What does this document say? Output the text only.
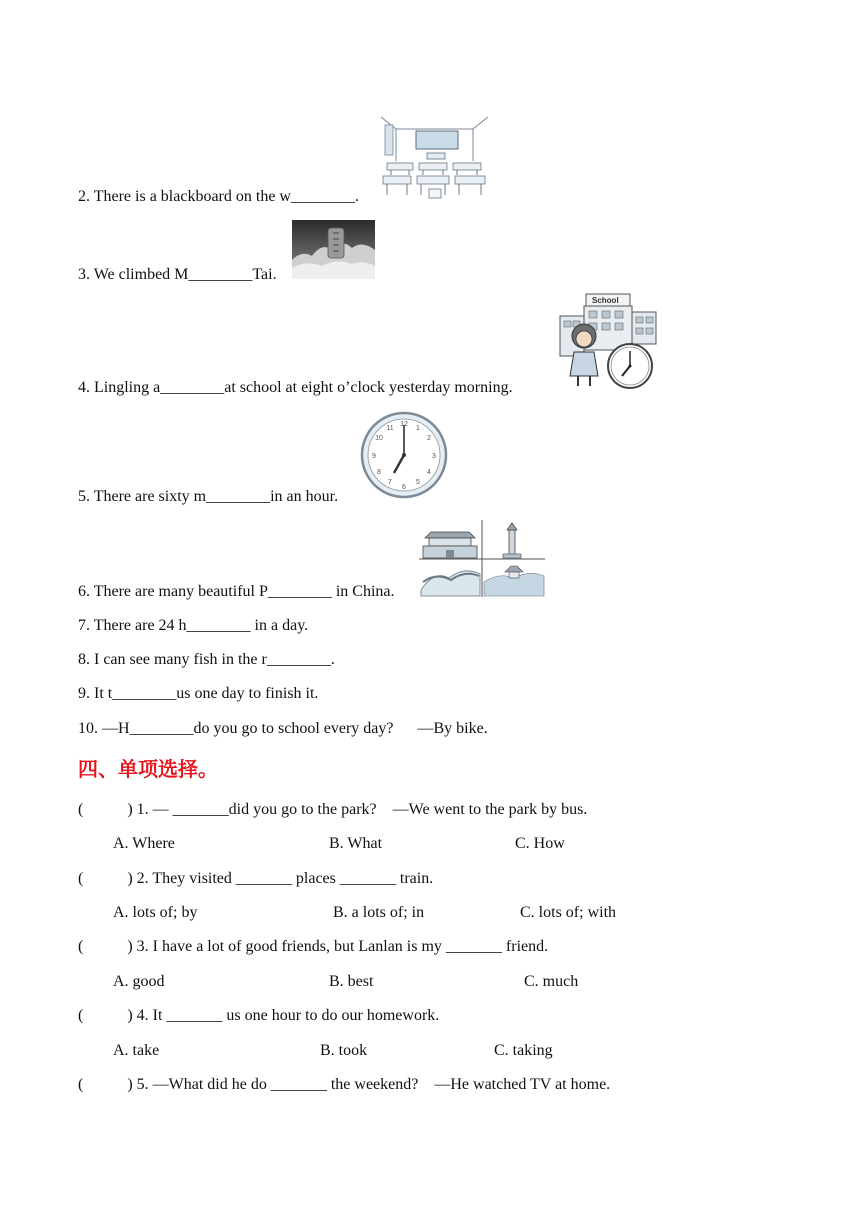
2. There is a blackboard on the w________.
3. We climbed M________Tai.
4. Lingling a________at school at eight o’clock yesterday morning.
5. There are sixty m________in an hour.
6. There are many beautiful P________ in China.
7. There are 24 h________ in a day.
8. I can see many fish in the r________.
9. It t________us one day to finish it.
10. —H________do you go to school every day?      —By bike.
四、单项选择。
(           ) 1. — _______did you go to the park?    —We went to the park by bus.
A. Where	B. What	C. How
(           ) 2. They visited _______ places _______ train.
A. lots of; by	B. a lots of; in	C. lots of; with
(           ) 3. I have a lot of good friends, but Lanlan is my _______ friend.
A. good	B. best	C. much
(           ) 4. It _______ us one hour to do our homework.
A. take	B. took	C. taking
(           ) 5. —What did he do _______ the weekend?    —He watched TV at home.
School
12
1
2
3
4
5
6
7
8
9
10
11
